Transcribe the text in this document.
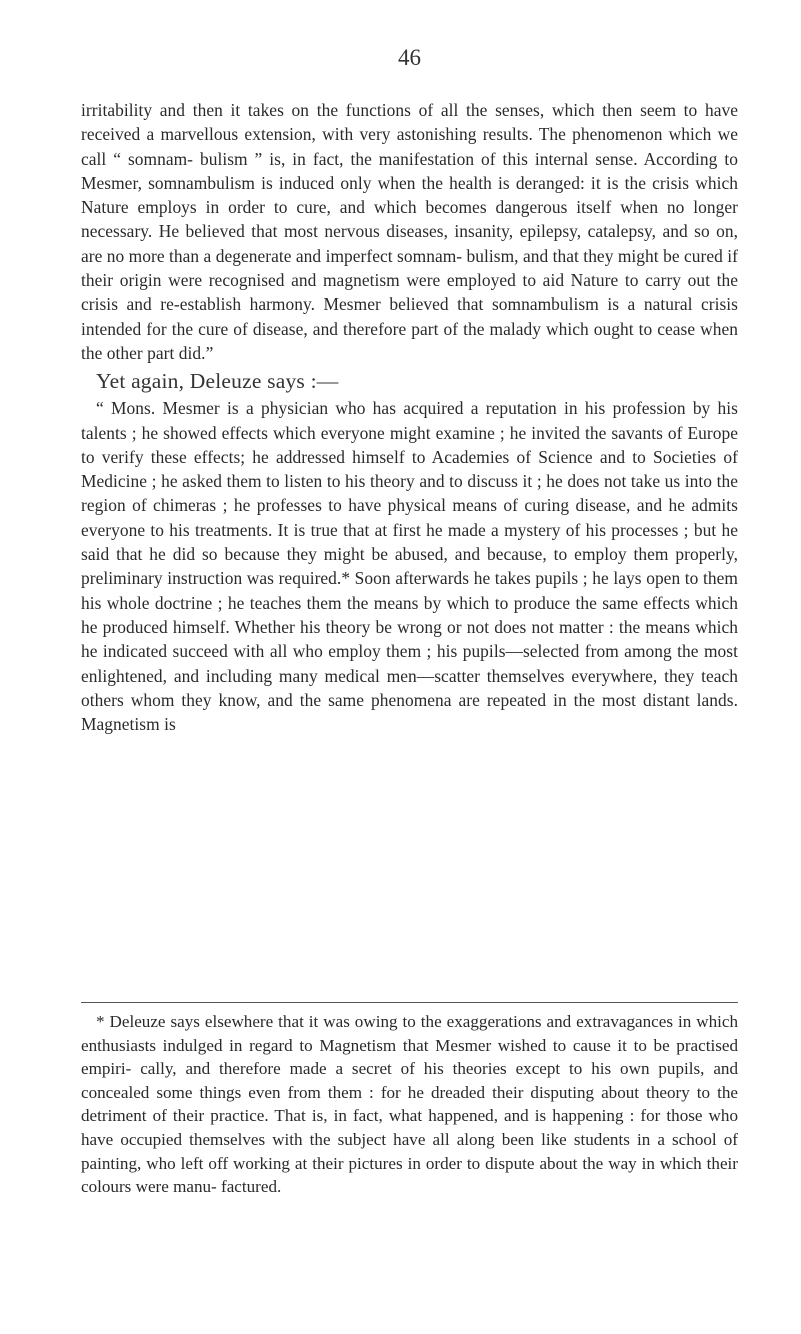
46

irritability and then it takes on the functions of all the senses, which then seem to have received a marvellous extension, with very astonishing results. The phenomenon which we call “ somnam- bulism ” is, in fact, the manifestation of this internal sense. According to Mesmer, somnambulism is induced only when the health is deranged: it is the crisis which Nature employs in order to cure, and which becomes dangerous itself when no longer necessary. He believed that most nervous diseases, insanity, epilepsy, catalepsy, and so on, are no more than a degenerate and imperfect somnam- bulism, and that they might be cured if their origin were recognised and magnetism were employed to aid Nature to carry out the crisis and re-establish harmony. Mesmer believed that somnambulism is a natural crisis intended for the cure of disease, and therefore part of the malady which ought to cease when the other part did.”

Yet again, Deleuze says :—

“ Mons. Mesmer is a physician who has acquired a reputation in his profession by his talents ; he showed effects which everyone might examine ; he invited the savants of Europe to verify these effects; he addressed himself to Academies of Science and to Societies of Medicine ; he asked them to listen to his theory and to discuss it ; he does not take us into the region of chimeras ; he professes to have physical means of curing disease, and he admits everyone to his treatments. It is true that at first he made a mystery of his processes ; but he said that he did so because they might be abused, and because, to employ them properly, preliminary instruction was required.* Soon afterwards he takes pupils ; he lays open to them his whole doctrine ; he teaches them the means by which to produce the same effects which he produced himself. Whether his theory be wrong or not does not matter : the means which he indicated succeed with all who employ them ; his pupils—selected from among the most enlightened, and including many medical men—scatter themselves everywhere, they teach others whom they know, and the same phenomena are repeated in the most distant lands. Magnetism is

* Deleuze says elsewhere that it was owing to the exaggerations and extravagances in which enthusiasts indulged in regard to Magnetism that Mesmer wished to cause it to be practised empiri- cally, and therefore made a secret of his theories except to his own pupils, and concealed some things even from them : for he dreaded their disputing about theory to the detriment of their practice. That is, in fact, what happened, and is happening : for those who have occupied themselves with the subject have all along been like students in a school of painting, who left off working at their pictures in order to dispute about the way in which their colours were manu- factured.
